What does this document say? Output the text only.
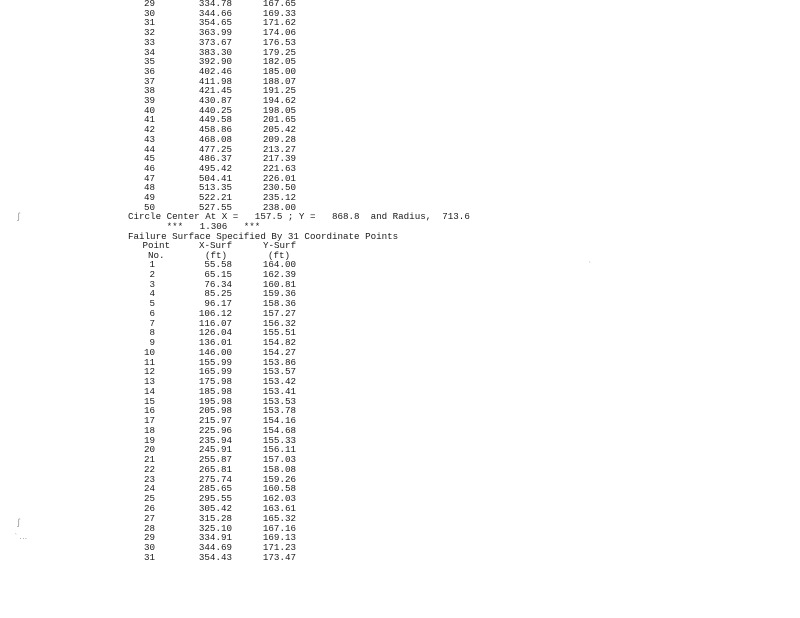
29	334.78	167.65
30	344.66	169.33
31	354.65	171.62
32	363.99	174.06
33	373.67	176.53
34	383.30	179.25
35	392.90	182.05
36	402.46	185.00
37	411.98	188.07
38	421.45	191.25
39	430.87	194.62
40	440.25	198.05
41	449.58	201.65
42	458.86	205.42
43	468.08	209.28
44	477.25	213.27
45	486.37	217.39
46	495.42	221.63
47	504.41	226.01
48	513.35	230.50
49	522.21	235.12
50	527.55	238.00
Circle Center At X =   157.5 ; Y =   868.8  and Radius,  713.6
***   1.306   ***
Failure Surface Specified By 31 Coordinate Points
Point	X-Surf	Y-Surf
No.	(ft)	(ft)
1	55.58	164.00
2	65.15	162.39
3	76.34	160.81
4	85.25	159.36
5	96.17	158.36
6	106.12	157.27
7	116.07	156.32
8	126.04	155.51
9	136.01	154.82
10	146.00	154.27
11	155.99	153.86
12	165.99	153.57
13	175.98	153.42
14	185.98	153.41
15	195.98	153.53
16	205.98	153.78
17	215.97	154.16
18	225.96	154.68
19	235.94	155.33
20	245.91	156.11
21	255.87	157.03
22	265.81	158.08
23	275.74	159.26
24	285.65	160.58
25	295.55	162.03
26	305.42	163.61
27	315.28	165.32
28	325.10	167.16
29	334.91	169.13
30	344.69	171.23
31	354.43	173.47
ʃ
ʃ
ˋ.‥
·
